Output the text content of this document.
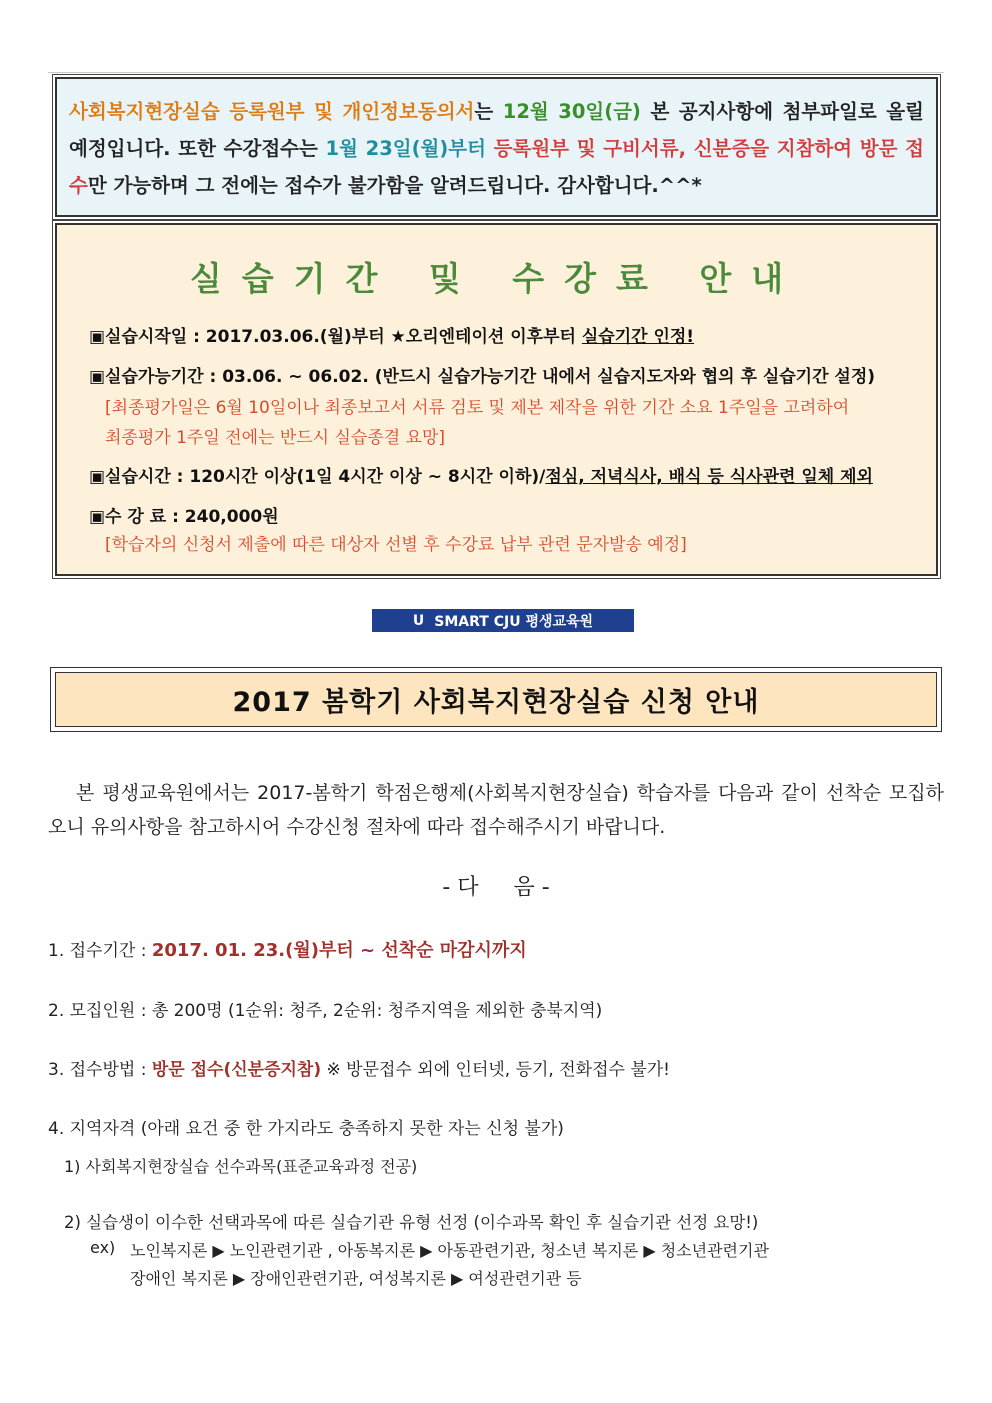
사회복지현장실습 등록원부 및 개인정보동의서는 12월 30일(금) 본 공지사항에 첨부파일로 올릴 예정입니다. 또한 수강접수는 1월 23일(월)부터 등록원부 및 구비서류, 신분증을 지참하여 방문 접수만 가능하며 그 전에는 접수가 불가함을 알려드립니다. 감사합니다.^^*
실습기간 및 수강료 안내
▣실습시작일 : 2017.03.06.(월)부터 ★오리엔테이션 이후부터 실습기간 인정!
▣실습가능기간 : 03.06. ~ 06.02. (반드시 실습가능기간 내에서 실습지도자와 협의 후 실습기간 설정)
[최종평가일은 6월 10일이나 최종보고서 서류 검토 및 제본 제작을 위한 기간 소요 1주일을 고려하여
최종평가 1주일 전에는 반드시 실습종결 요망]
▣실습시간 : 120시간 이상(1일 4시간 이상 ~ 8시간 이하)/점심, 저녁식사, 배식 등 식사관련 일체 제외
▣수 강 료 : 240,000원
[학습자의 신청서 제출에 따른 대상자 선별 후 수강료 납부 관련 문자발송 예정]
U SMART CJU 평생교육원
2017 봄학기 사회복지현장실습 신청 안내
본 평생교육원에서는 2017-봄학기 학점은행제(사회복지현장실습) 학습자를 다음과 같이 선착순 모집하오니 유의사항을 참고하시어 수강신청 절차에 따라 접수해주시기 바랍니다.
- 다     음 -
1. 접수기간 : 2017. 01. 23.(월)부터 ~ 선착순 마감시까지
2. 모집인원 : 총 200명 (1순위: 청주, 2순위: 청주지역을 제외한 충북지역)
3. 접수방법 : 방문 접수(신분증지참) ※ 방문접수 외에 인터넷, 등기, 전화접수 불가!
4. 지역자격 (아래 요건 중 한 가지라도 충족하지 못한 자는 신청 불가)
1) 사회복지현장실습 선수과목(표준교육과정 전공)
2) 실습생이 이수한 선택과목에 따른 실습기관 유형 선정 (이수과목 확인 후 실습기관 선정 요망!)
ex) 노인복지론 ▶ 노인관련기관 , 아동복지론 ▶ 아동관련기관, 청소년 복지론 ▶ 청소년관련기관
장애인 복지론 ▶ 장애인관련기관, 여성복지론 ▶ 여성관련기관 등
